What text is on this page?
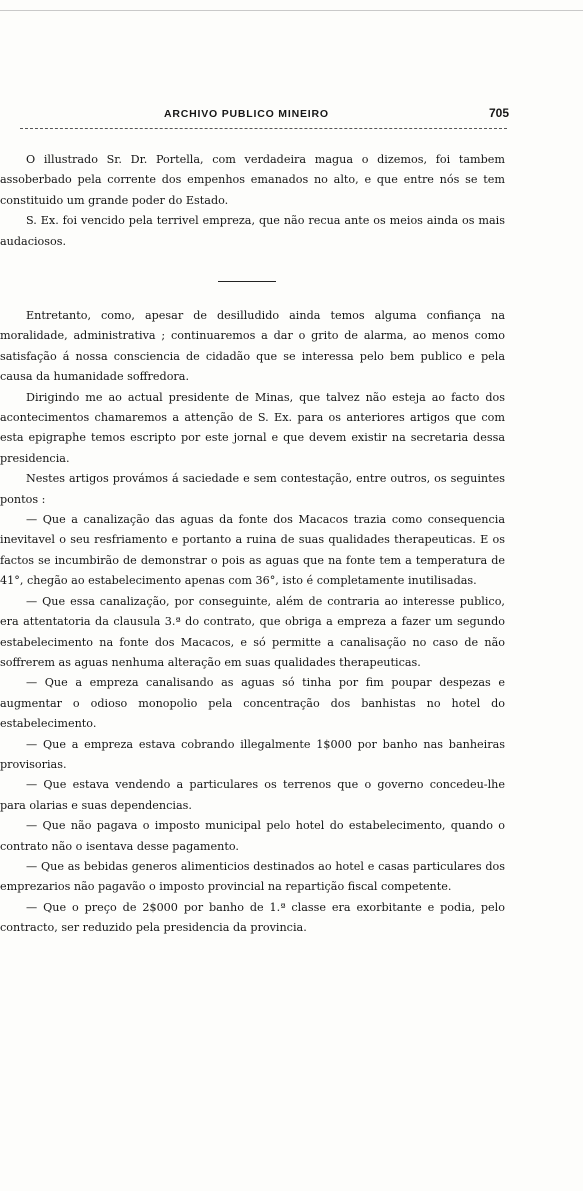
ARCHIVO PUBLICO MINEIRO	705

O illustrado Sr. Dr. Portella, com verdadeira magua o dizemos, foi tambem assoberbado pela corrente dos empenhos emanados no alto, e que entre nós se tem constituido um grande poder do Estado.

S. Ex. foi vencido pela terrivel empreza, que não recua ante os meios ainda os mais audaciosos.

Entretanto, como, apesar de desilludido ainda temos alguma confiança na moralidade, administrativa ; continuaremos a dar o grito de alarma, ao menos como satisfação á nossa consciencia de cidadão que se interessa pelo bem publico e pela causa da humanidade soffredora.

Dirigindo me ao actual presidente de Minas, que talvez não esteja ao facto dos acontecimentos chamaremos a attenção de S. Ex. para os anteriores artigos que com esta epigraphe temos escripto por este jornal e que devem existir na secretaria dessa presidencia.

Nestes artigos provámos á saciedade e sem contestação, entre outros, os seguintes pontos :

— Que a canalização das aguas da fonte dos Macacos trazia como consequencia inevitavel o seu resfriamento e portanto a ruina de suas qualidades therapeuticas. E os factos se incumbirão de demonstrar o pois as aguas que na fonte tem a temperatura de 41°, chegão ao estabelecimento apenas com 36°, isto é completamente inutilisadas.

— Que essa canalização, por conseguinte, além de contraria ao interesse publico, era attentatoria da clausula 3.ª do contrato, que obriga a empreza a fazer um segundo estabelecimento na fonte dos Macacos, e só permitte a canalisação no caso de não soffrerem as aguas nenhuma alteração em suas qualidades therapeuticas.

— Que a empreza canalisando as aguas só tinha por fim poupar despezas e augmentar o odioso monopolio pela concentração dos banhistas no hotel do estabelecimento.

— Que a empreza estava cobrando illegalmente 1$000 por banho nas banheiras provisorias.

— Que estava vendendo a particulares os terrenos que o governo concedeu-lhe para olarias e suas dependencias.

— Que não pagava o imposto municipal pelo hotel do estabelecimento, quando o contrato não o isentava desse pagamento.

— Que as bebidas generos alimenticios destinados ao hotel e casas particulares dos emprezarios não pagavão o imposto provincial na repartição fiscal competente.

— Que o preço de 2$000 por banho de 1.ª classe era exorbitante e podia, pelo contracto, ser reduzido pela presidencia da provincia.
